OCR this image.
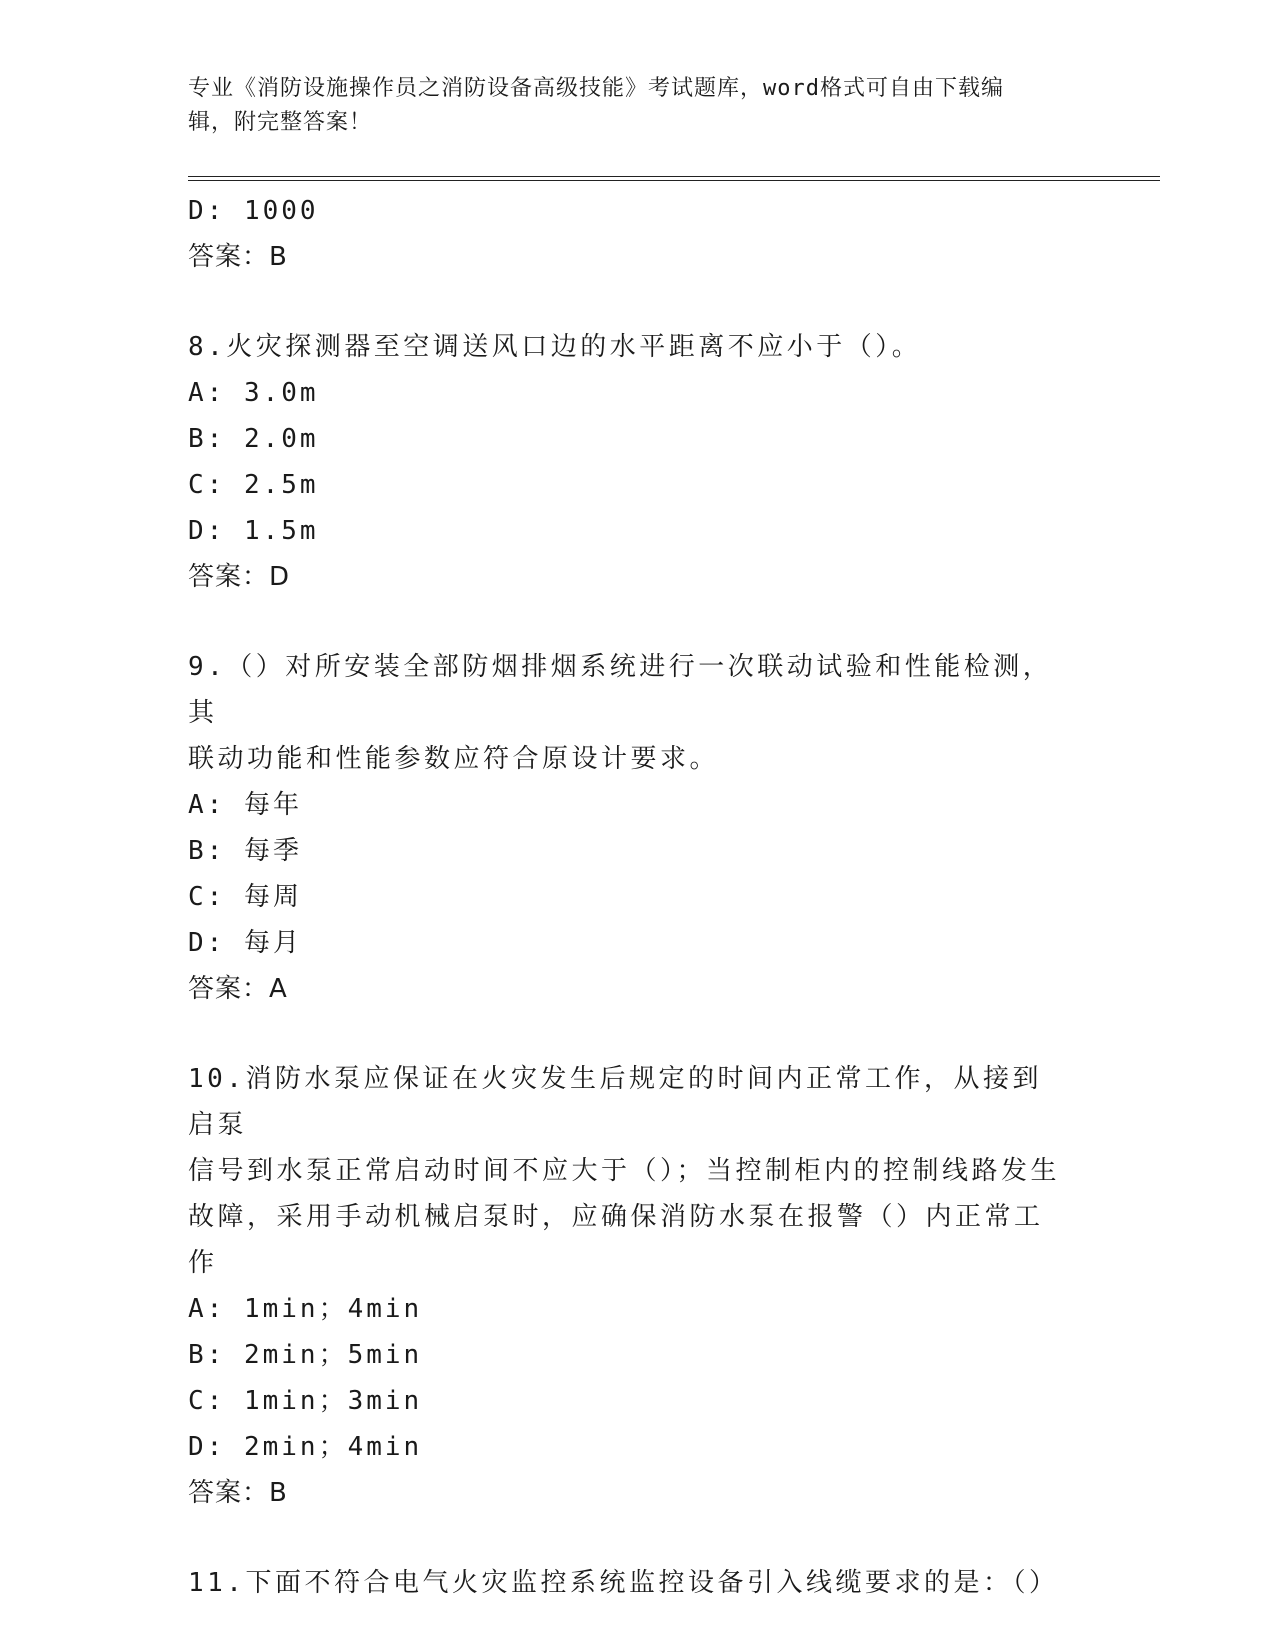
专业《消防设施操作员之消防设备高级技能》考试题库，word格式可自由下载编
辑，附完整答案！
D: 1000
答案：B
8.火灾探测器至空调送风口边的水平距离不应小于（）。
A: 3.0m
B: 2.0m
C: 2.5m
D: 1.5m
答案：D
9.（）对所安装全部防烟排烟系统进行一次联动试验和性能检测，其
联动功能和性能参数应符合原设计要求。
A: 每年
B: 每季
C: 每周
D: 每月
答案：A
10.消防水泵应保证在火灾发生后规定的时间内正常工作，从接到启泵
信号到水泵正常启动时间不应大于（）；当控制柜内的控制线路发生
故障，采用手动机械启泵时，应确保消防水泵在报警（）内正常工作
A: 1min；4min
B: 2min；5min
C: 1min；3min
D: 2min；4min
答案：B
11.下面不符合电气火灾监控系统监控设备引入线缆要求的是：（）
